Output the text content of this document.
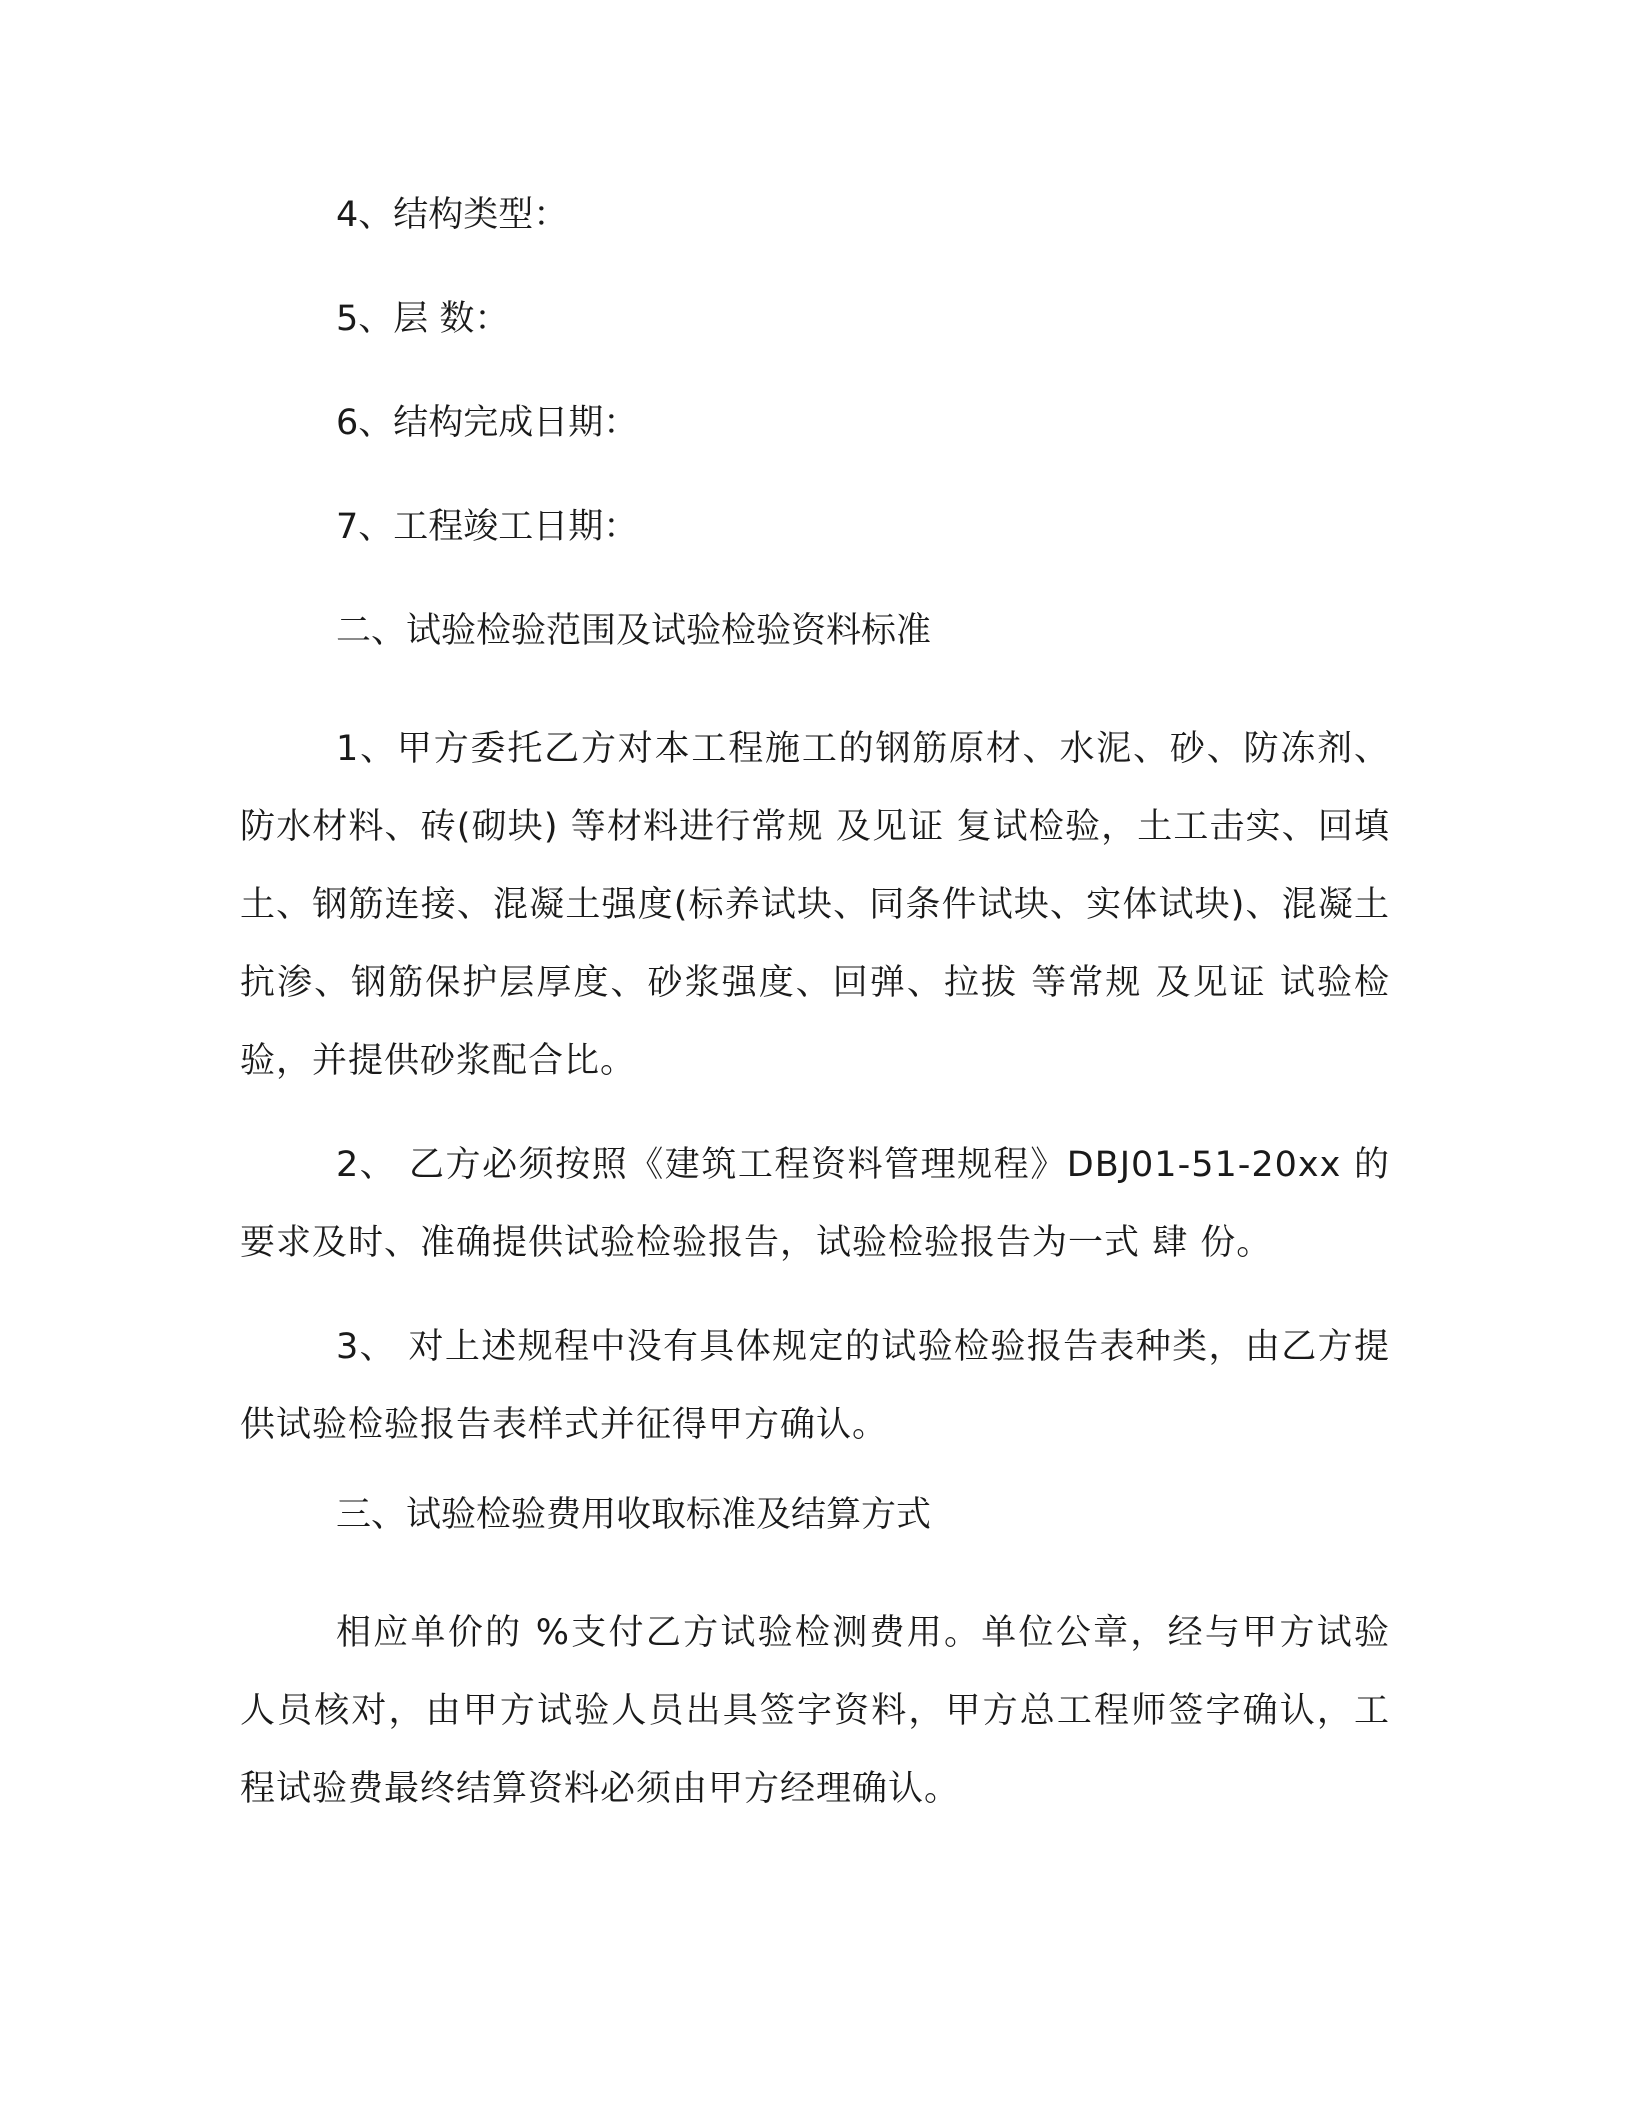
4、结构类型：
5、层 数：
6、结构完成日期：
7、工程竣工日期：
二、试验检验范围及试验检验资料标准

1、甲方委托乙方对本工程施工的钢筋原材、水泥、砂、防冻剂、防水材料、砖(砌块) 等材料进行常规 及见证 复试检验，土工击实、回填土、钢筋连接、混凝土强度(标养试块、同条件试块、实体试块)、混凝土抗渗、钢筋保护层厚度、砂浆强度、回弹、拉拔 等常规 及见证 试验检验，并提供砂浆配合比。

2、 乙方必须按照《建筑工程资料管理规程》DBJ01-51-20xx 的要求及时、准确提供试验检验报告，试验检验报告为一式 肆 份。

3、 对上述规程中没有具体规定的试验检验报告表种类，由乙方提供试验检验报告表样式并征得甲方确认。

三、试验检验费用收取标准及结算方式

相应单价的 %支付乙方试验检测费用。单位公章，经与甲方试验人员核对，由甲方试验人员出具签字资料，甲方总工程师签字确认，工程试验费最终结算资料必须由甲方经理确认。
